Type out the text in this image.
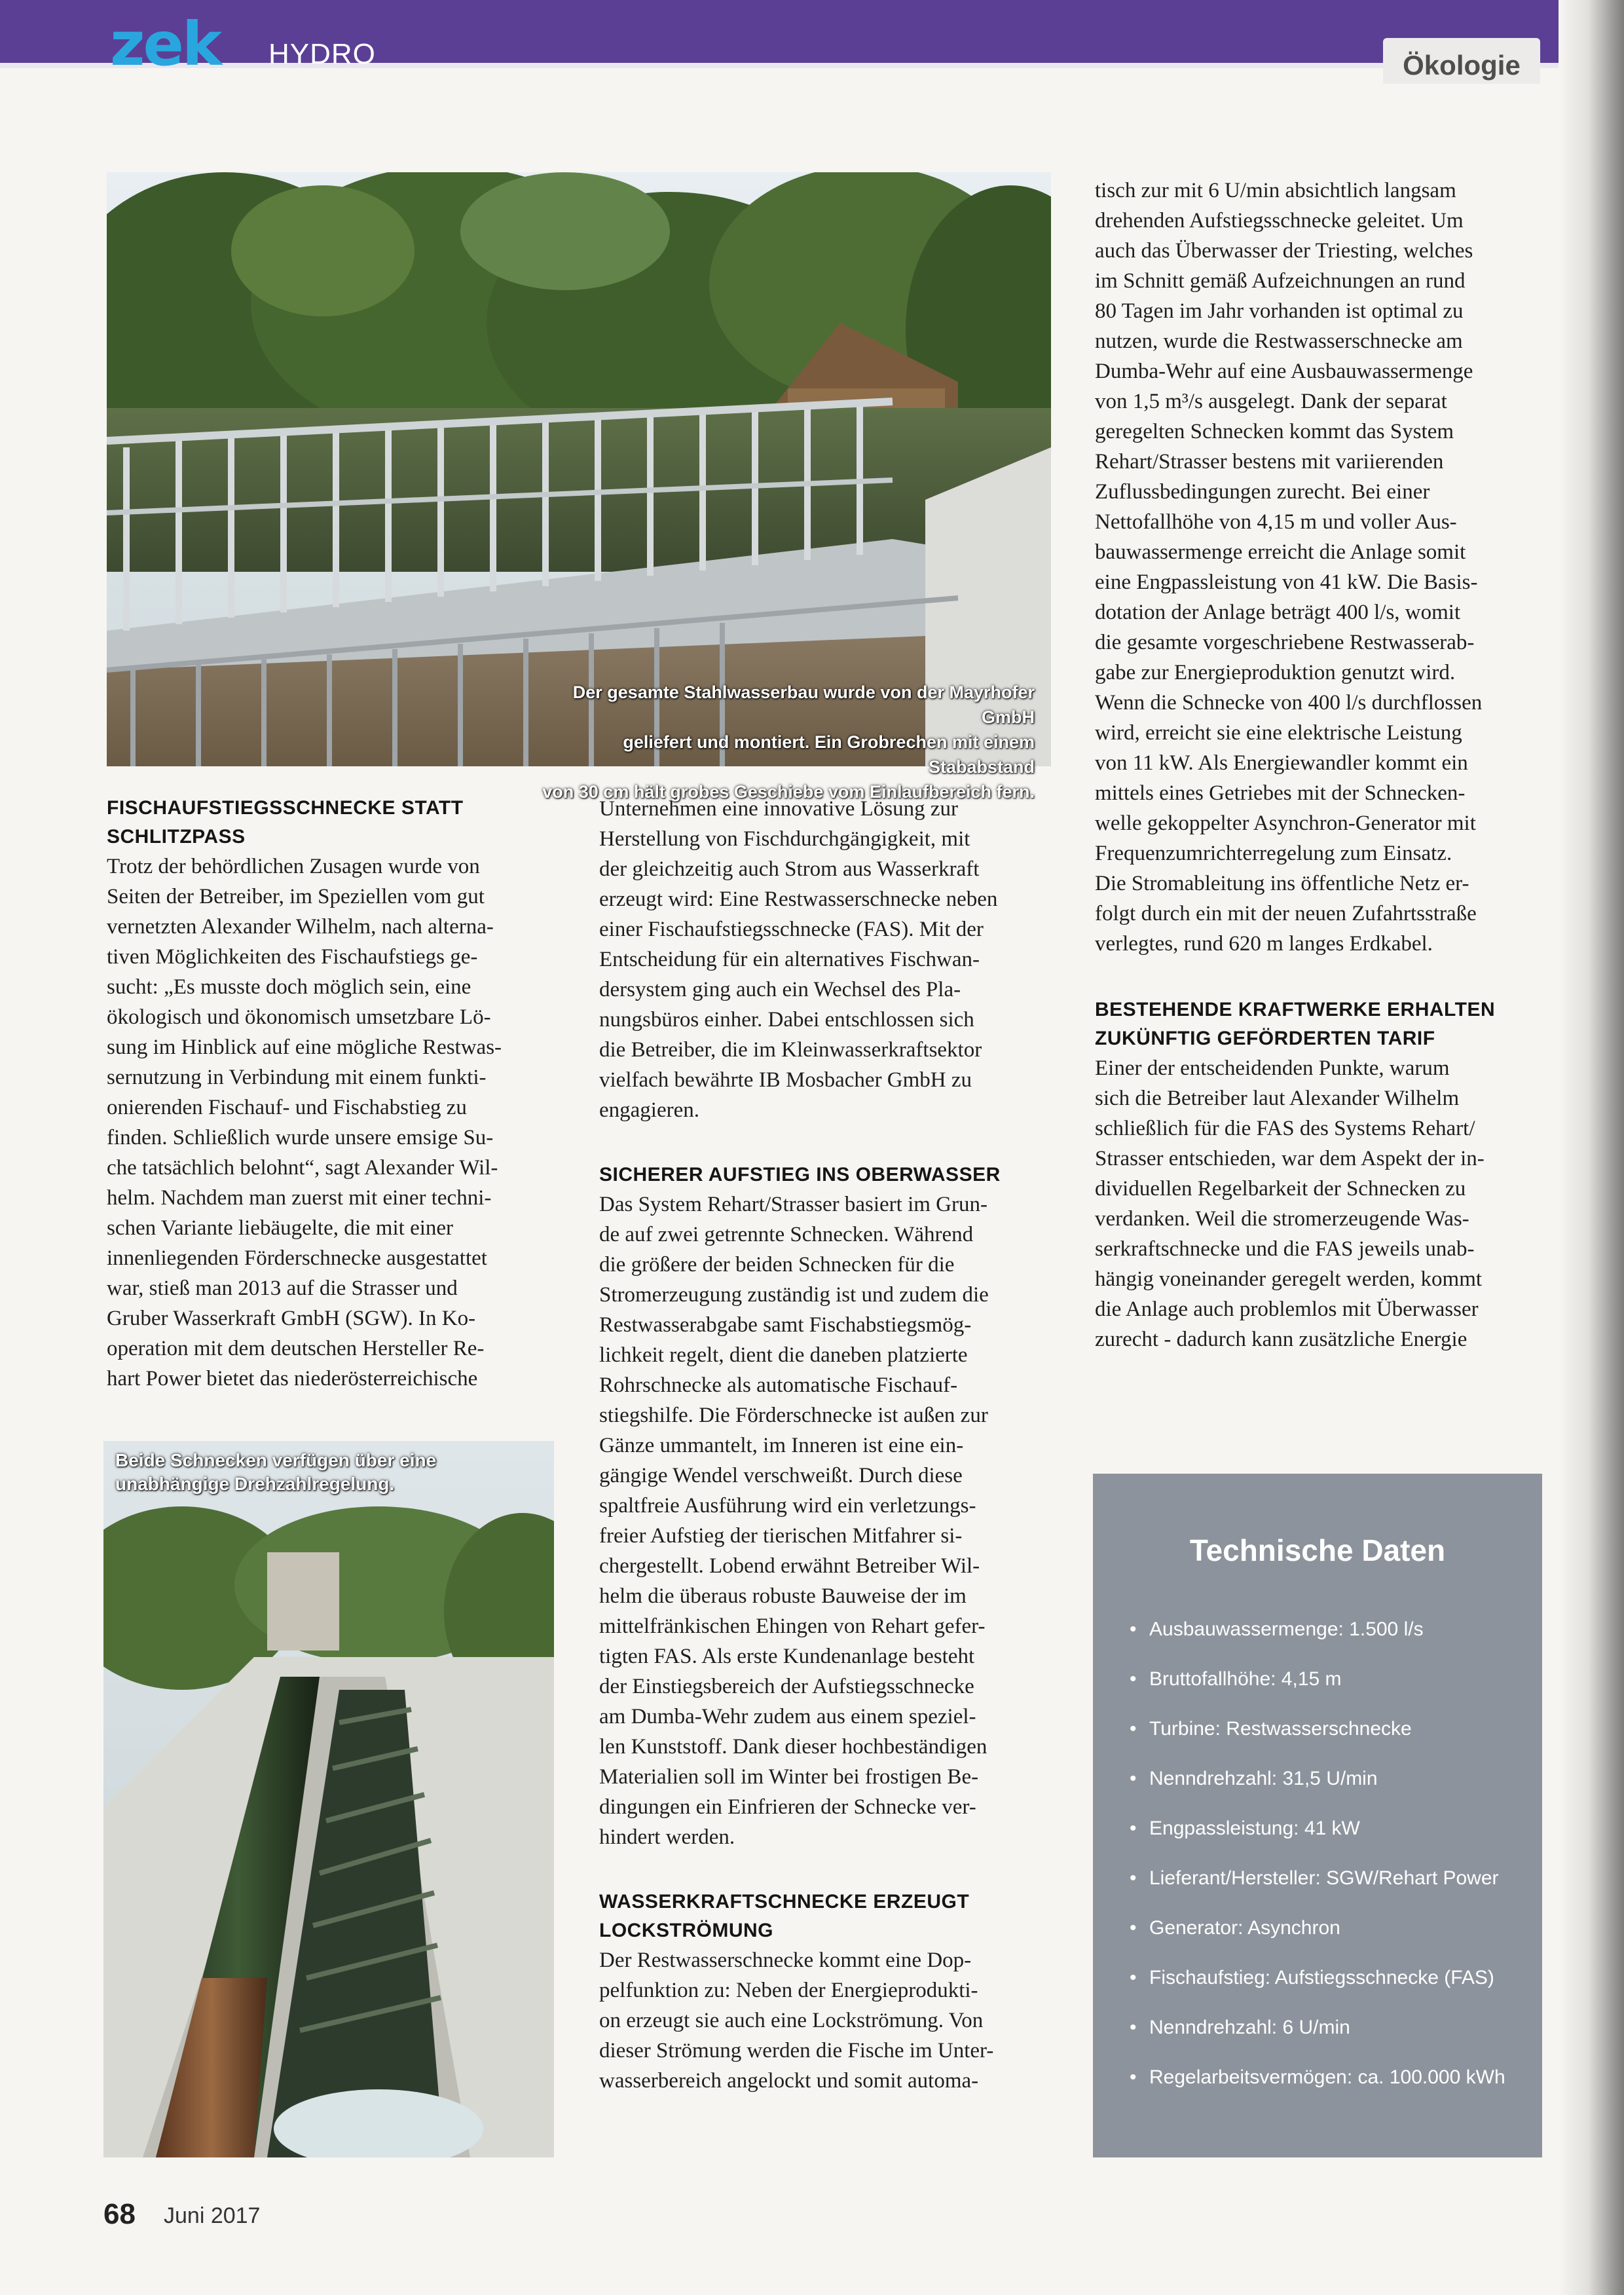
zek HYDRO	Ökologie
Der gesamte Stahlwasserbau wurde von der Mayrhofer GmbH
geliefert und montiert. Ein Grobrechen mit einem Stababstand
von 30 cm hält grobes Geschiebe vom Einlaufbereich fern.
FISCHAUFSTIEGSSCHNECKE STATT SCHLITZPASS

Trotz der behördlichen Zusagen wurde von

Seiten der Betreiber, im Speziellen vom gut

vernetzten Alexander Wilhelm, nach alterna-

tiven Möglichkeiten des Fischaufstiegs ge-

sucht: „Es musste doch möglich sein, eine

ökologisch und ökonomisch umsetzbare Lö-

sung im Hinblick auf eine mögliche Restwas-

sernutzung in Verbindung mit einem funkti-

onierenden Fischauf- und Fischabstieg zu

finden. Schließlich wurde unsere emsige Su-

che tatsächlich belohnt“, sagt Alexander Wil-

helm. Nachdem man zuerst mit einer techni-

schen Variante liebäugelte, die mit einer

innenliegenden Förderschnecke ausgestattet

war, stieß man 2013 auf die Strasser und

Gruber Wasserkraft GmbH (SGW). In Ko-

operation mit dem deutschen Hersteller Re-

hart Power bietet das niederösterreichische

Beide Schnecken verfügen über eine
unabhängige Drehzahlregelung.

Unternehmen eine innovative Lösung zur

Herstellung von Fischdurchgängigkeit, mit

der gleichzeitig auch Strom aus Wasserkraft

erzeugt wird: Eine Restwasserschnecke neben

einer Fischaufstiegsschnecke (FAS). Mit der

Entscheidung für ein alternatives Fischwan-

dersystem ging auch ein Wechsel des Pla-

nungsbüros einher. Dabei entschlossen sich

die Betreiber, die im Kleinwasserkraftsektor

vielfach bewährte IB Mosbacher GmbH zu

engagieren.

SICHERER AUFSTIEG INS OBERWASSER

Das System Rehart/Strasser basiert im Grun-

de auf zwei getrennte Schnecken. Während

die größere der beiden Schnecken für die

Stromerzeugung zuständig ist und zudem die

Restwasserabgabe samt Fischabstiegsmög-

lichkeit regelt, dient die daneben platzierte

Rohrschnecke als automatische Fischauf-

stiegshilfe. Die Förderschnecke ist außen zur

Gänze ummantelt, im Inneren ist eine ein-

gängige Wendel verschweißt. Durch diese

spaltfreie Ausführung wird ein verletzungs-

freier Aufstieg der tierischen Mitfahrer si-

chergestellt. Lobend erwähnt Betreiber Wil-

helm die überaus robuste Bauweise der im

mittelfränkischen Ehingen von Rehart gefer-

tigten FAS. Als erste Kundenanlage besteht

der Einstiegsbereich der Aufstiegsschnecke

am Dumba-Wehr zudem aus einem speziel-

len Kunststoff. Dank dieser hochbeständigen

Materialien soll im Winter bei frostigen Be-

dingungen ein Einfrieren der Schnecke ver-

hindert werden.

WASSERKRAFTSCHNECKE ERZEUGT LOCKSTRÖMUNG

Der Restwasserschnecke kommt eine Dop-

pelfunktion zu: Neben der Energieprodukti-

on erzeugt sie auch eine Lockströmung. Von

dieser Strömung werden die Fische im Unter-

wasserbereich angelockt und somit automa-

tisch zur mit 6 U/min absichtlich langsam

drehenden Aufstiegsschnecke geleitet. Um

auch das Überwasser der Triesting, welches

im Schnitt gemäß Aufzeichnungen an rund

80 Tagen im Jahr vorhanden ist optimal zu

nutzen, wurde die Restwasserschnecke am

Dumba-Wehr auf eine Ausbauwassermenge

von 1,5 m³/s ausgelegt. Dank der separat

geregelten Schnecken kommt das System

Rehart/Strasser bestens mit variierenden

Zuflussbedingungen zurecht. Bei einer

Nettofallhöhe von 4,15 m und voller Aus-

bauwassermenge erreicht die Anlage somit

eine Engpassleistung von 41 kW. Die Basis-

dotation der Anlage beträgt 400 l/s, womit

die gesamte vorgeschriebene Restwasserab-

gabe zur Energieproduktion genutzt wird.

Wenn die Schnecke von 400 l/s durchflossen

wird, erreicht sie eine elektrische Leistung

von 11 kW. Als Energiewandler kommt ein

mittels eines Getriebes mit der Schnecken-

welle gekoppelter Asynchron-Generator mit

Frequenzumrichterregelung zum Einsatz.

Die Stromableitung ins öffentliche Netz er-

folgt durch ein mit der neuen Zufahrtsstraße

verlegtes, rund 620 m langes Erdkabel.

BESTEHENDE KRAFTWERKE ERHALTEN
ZUKÜNFTIG GEFÖRDERTEN TARIF

Einer der entscheidenden Punkte, warum

sich die Betreiber laut Alexander Wilhelm

schließlich für die FAS des Systems Rehart/

Strasser entschieden, war dem Aspekt der in-

dividuellen Regelbarkeit der Schnecken zu

verdanken. Weil die stromerzeugende Was-

serkraftschnecke und die FAS jeweils unab-

hängig voneinander geregelt werden, kommt

die Anlage auch problemlos mit Überwasser

zurecht - dadurch kann zusätzliche Energie

Technische Daten
• Ausbauwassermenge: 1.500 l/s
• Bruttofallhöhe: 4,15 m
• Turbine: Restwasserschnecke
• Nenndrehzahl: 31,5 U/min
• Engpassleistung: 41 kW
• Lieferant/Hersteller: SGW/Rehart Power
• Generator: Asynchron
• Fischaufstieg: Aufstiegsschnecke (FAS)
• Nenndrehzahl: 6 U/min
• Regelarbeitsvermögen: ca. 100.000 kWh
68 Juni 2017
